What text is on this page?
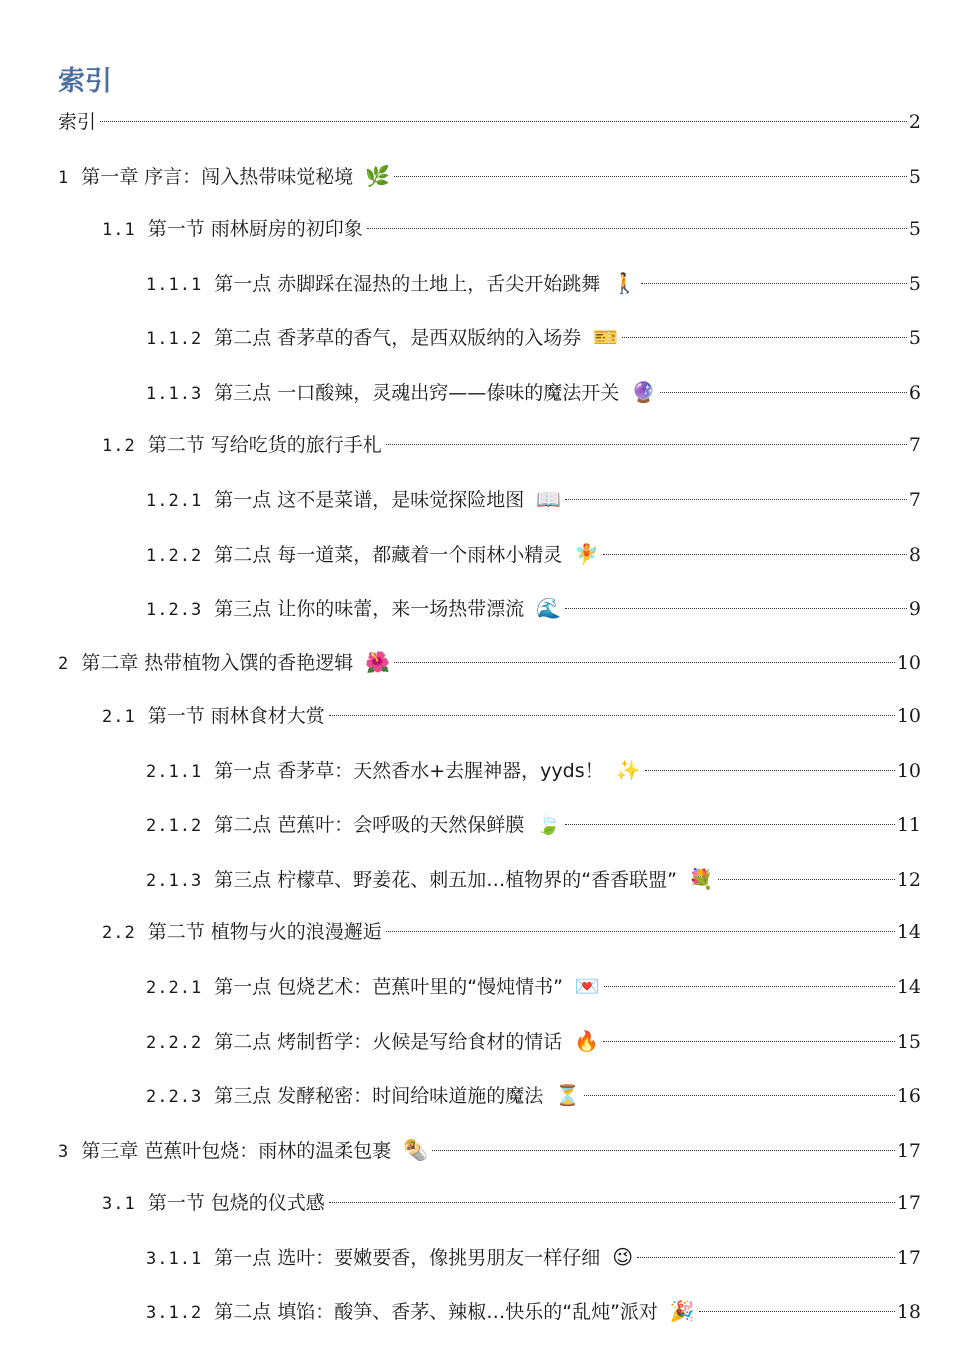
索引
索引	2
1 第一章 序言：闯入热带味觉秘境 🌿	5
1.1 第一节 雨林厨房的初印象	5
1.1.1 第一点 赤脚踩在湿热的土地上，舌尖开始跳舞 🚶	5
1.1.2 第二点 香茅草的香气，是西双版纳的入场券 🎫	5
1.1.3 第三点 一口酸辣，灵魂出窍——傣味的魔法开关 🔮	6
1.2 第二节 写给吃货的旅行手札	7
1.2.1 第一点 这不是菜谱，是味觉探险地图 📖	7
1.2.2 第二点 每一道菜，都藏着一个雨林小精灵 🧚	8
1.2.3 第三点 让你的味蕾，来一场热带漂流 🌊	9
2 第二章 热带植物入馔的香艳逻辑 🌺	10
2.1 第一节 雨林食材大赏	10
2.1.1 第一点 香茅草：天然香水+去腥神器，yyds！ ✨	10
2.1.2 第二点 芭蕉叶：会呼吸的天然保鲜膜 🍃	11
2.1.3 第三点 柠檬草、野姜花、刺五加…植物界的“香香联盟” 💐	12
2.2 第二节 植物与火的浪漫邂逅	14
2.2.1 第一点 包烧艺术：芭蕉叶里的“慢炖情书” 💌	14
2.2.2 第二点 烤制哲学：火候是写给食材的情话 🔥	15
2.2.3 第三点 发酵秘密：时间给味道施的魔法 ⏳	16
3 第三章 芭蕉叶包烧：雨林的温柔包裹 🌯	17
3.1 第一节 包烧的仪式感	17
3.1.1 第一点 选叶：要嫩要香，像挑男朋友一样仔细 😉	17
3.1.2 第二点 填馅：酸笋、香茅、辣椒…快乐的“乱炖”派对 🎉	18
